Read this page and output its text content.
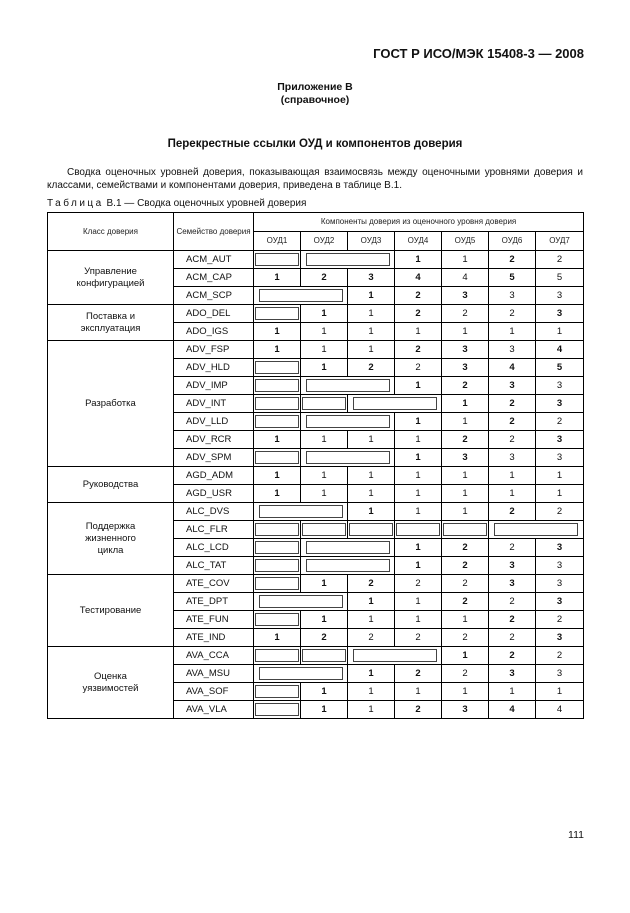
ГОСТ Р ИСО/МЭК 15408-3 — 2008
Приложение В
(справочное)
Перекрестные ссылки ОУД и компонентов доверия
Сводка оценочных уровней доверия, показывающая взаимосвязь между оценочными уровнями доверия и классами, семействами и компонентами доверия, приведена в таблице В.1.
Таблица В.1 — Сводка оценочных уровней доверия
Класс доверия	Семейство доверия	Компоненты доверия из оценочного уровня доверия						
		ОУД1	ОУД2	ОУД3	ОУД4	ОУД5	ОУД6	ОУД7

Управление
конфигурацией	ACM_AUT				1	1	2	2
	ACM_CAP	1	2	3	4	4	5	5
	ACM_SCP			1	2	3	3	3

Поставка и
эксплуатация	ADO_DEL		1	1	2	2	2	3
	ADO_IGS	1	1	1	1	1	1	1

Разработка	ADV_FSP	1	1	1	2	3	3	4
	ADV_HLD		1	2	2	3	4	5
	ADV_IMP				1	2	3	3
	ADV_INT					1	2	3
	ADV_LLD				1	1	2	2
	ADV_RCR	1	1	1	1	2	2	3
	ADV_SPM				1	3	3	3

Руководства	AGD_ADM	1	1	1	1	1	1	1
	AGD_USR	1	1	1	1	1	1	1

Поддержка
жизненного
цикла	ALC_DVS			1	1	1	2	2
	ALC_FLR		

	ALC_LCD				1	2	2	3
	ALC_TAT				1	2	3	3

Тестирование	ATE_COV		1	2	2	2	3	3
	ATE_DPT			1	1	2	2	3
	ATE_FUN		1	1	1	1	2	2
	ATE_IND	1	2	2	2	2	2	3

Оценка
уязвимостей	AVA_CCA					1	2	2
	AVA_MSU			1	2	2	3	3
	AVA_SOF		1	1	1	1	1	1
	AVA_VLA		1	1	2	3	4	4
111
